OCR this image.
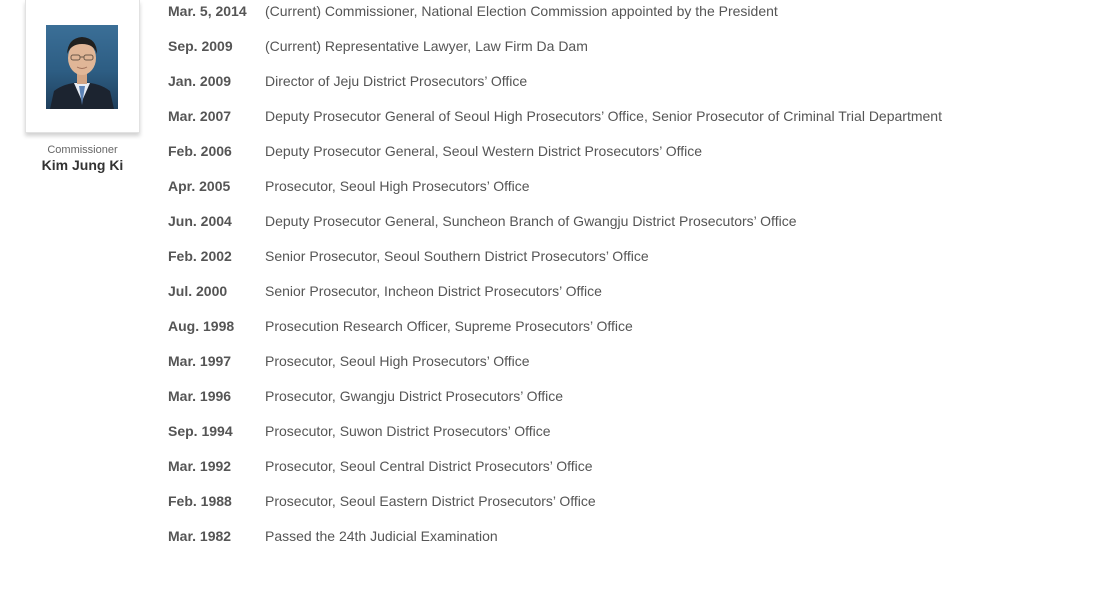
Commissioner
Kim Jung Ki
Mar. 5, 2014	(Current) Commissioner, National Election Commission appointed by the President
Sep. 2009	(Current) Representative Lawyer, Law Firm Da Dam
Jan. 2009	Director of Jeju District Prosecutors’ Office
Mar. 2007	Deputy Prosecutor General of Seoul High Prosecutors’ Office, Senior Prosecutor of Criminal Trial Department
Feb. 2006	Deputy Prosecutor General, Seoul Western District Prosecutors’ Office
Apr. 2005	Prosecutor, Seoul High Prosecutors’ Office
Jun. 2004	Deputy Prosecutor General, Suncheon Branch of Gwangju District Prosecutors’ Office
Feb. 2002	Senior Prosecutor, Seoul Southern District Prosecutors’ Office
Jul. 2000	Senior Prosecutor, Incheon District Prosecutors’ Office
Aug. 1998	Prosecution Research Officer, Supreme Prosecutors’ Office
Mar. 1997	Prosecutor, Seoul High Prosecutors’ Office
Mar. 1996	Prosecutor, Gwangju District Prosecutors’ Office
Sep. 1994	Prosecutor, Suwon District Prosecutors’ Office
Mar. 1992	Prosecutor, Seoul Central District Prosecutors’ Office
Feb. 1988	Prosecutor, Seoul Eastern District Prosecutors’ Office
Mar. 1982	Passed the 24th Judicial Examination
